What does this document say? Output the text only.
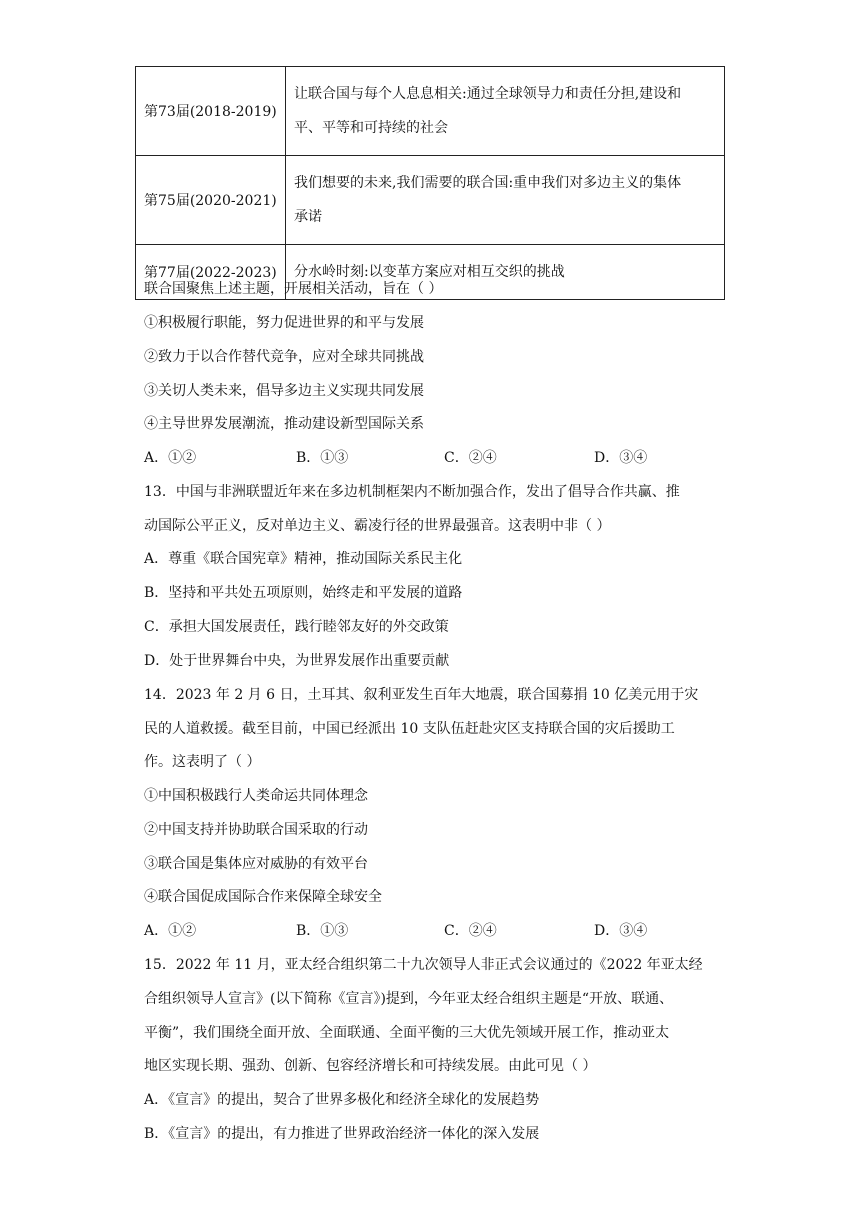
第73届(2018-2019)	让联合国与每个人息息相关:通过全球领导力和责任分担,建设和
平、平等和可持续的社会

第75届(2020-2021)	我们想要的未来,我们需要的联合国:重申我们对多边主义的集体
承诺

第77届(2022-2023)	分水岭时刻:以变革方案应对相互交织的挑战
联合国聚焦上述主题，开展相关活动，旨在（ ）
①积极履行职能，努力促进世界的和平与发展
②致力于以合作替代竞争，应对全球共同挑战
③关切人类未来，倡导多边主义实现共同发展
④主导世界发展潮流，推动建设新型国际关系
A．①②	B．①③	C．②④	D．③④
13．中国与非洲联盟近年来在多边机制框架内不断加强合作，发出了倡导合作共赢、推
动国际公平正义，反对单边主义、霸凌行径的世界最强音。这表明中非（ ）
A．尊重《联合国宪章》精神，推动国际关系民主化
B．坚持和平共处五项原则，始终走和平发展的道路
C．承担大国发展责任，践行睦邻友好的外交政策
D．处于世界舞台中央，为世界发展作出重要贡献
14．2023 年 2 月 6 日，土耳其、叙利亚发生百年大地震，联合国募捐 10 亿美元用于灾
民的人道救援。截至目前，中国已经派出 10 支队伍赶赴灾区支持联合国的灾后援助工
作。这表明了（ ）
①中国积极践行人类命运共同体理念
②中国支持并协助联合国采取的行动
③联合国是集体应对威胁的有效平台
④联合国促成国际合作来保障全球安全
A．①②	B．①③	C．②④	D．③④
15．2022 年 11 月，亚太经合组织第二十九次领导人非正式会议通过的《2022 年亚太经
合组织领导人宣言》(以下简称《宣言》)提到，今年亚太经合组织主题是“开放、联通、
平衡”，我们围绕全面开放、全面联通、全面平衡的三大优先领域开展工作，推动亚太
地区实现长期、强劲、创新、包容经济增长和可持续发展。由此可见（ ）
A．《宣言》的提出，契合了世界多极化和经济全球化的发展趋势
B．《宣言》的提出，有力推进了世界政治经济一体化的深入发展
